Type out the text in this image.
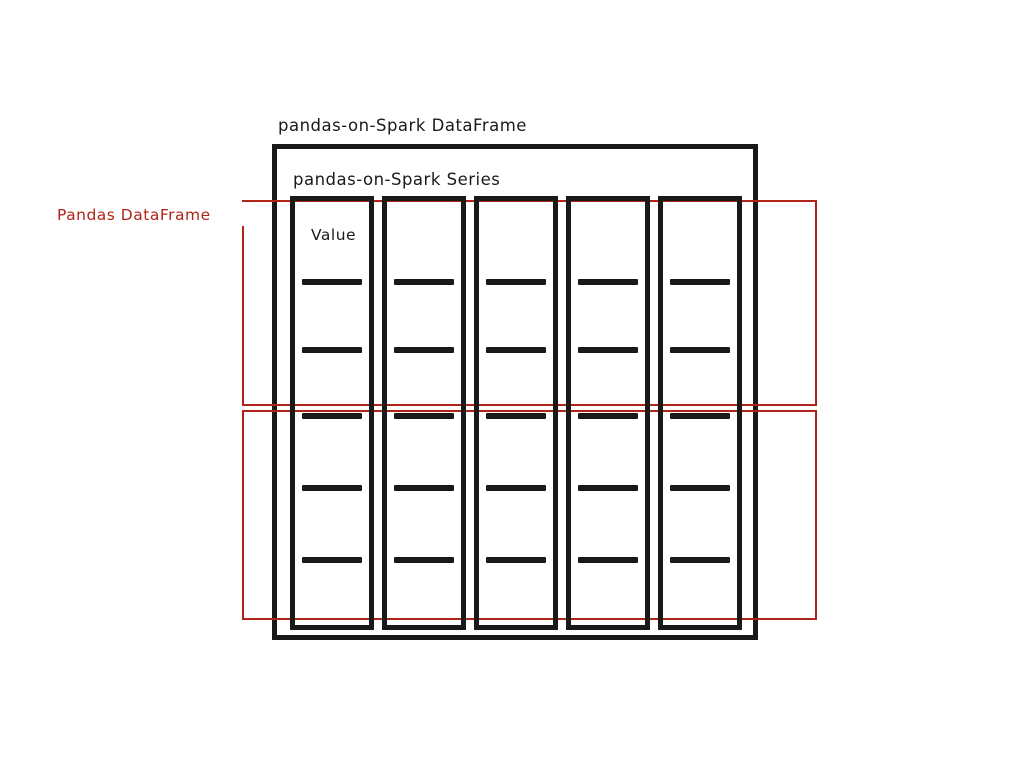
pandas-on-Spark DataFrame
pandas-on-Spark Series
Value
Pandas DataFrame
